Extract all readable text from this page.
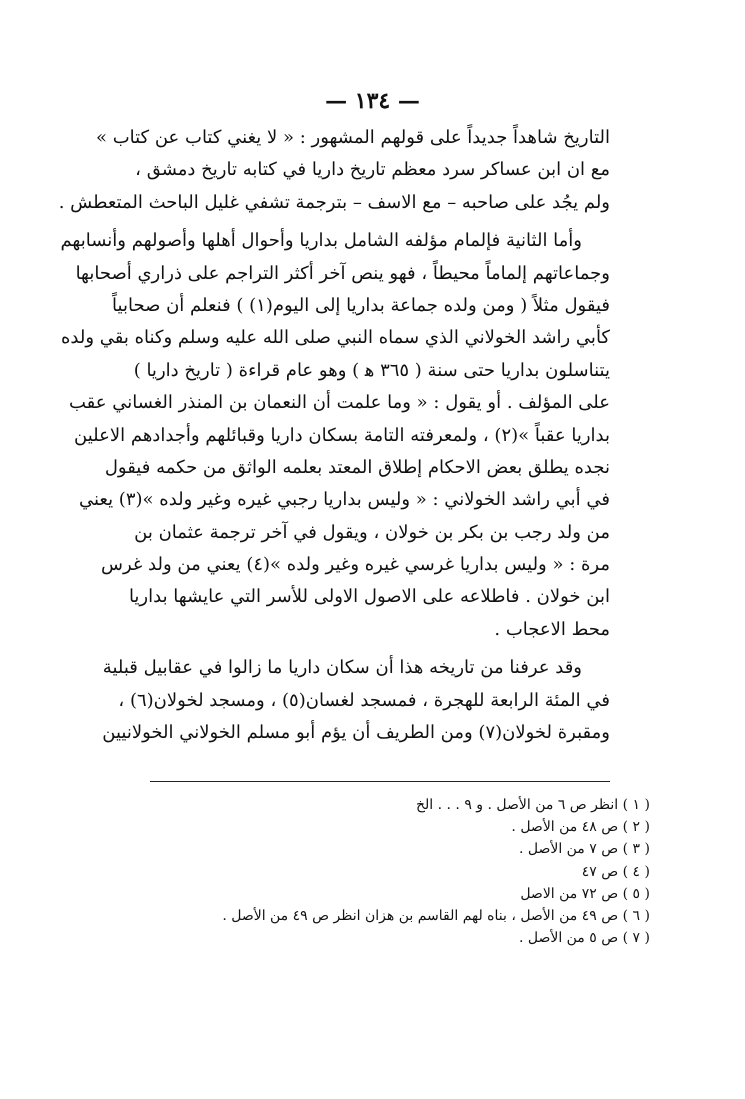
— ١٣٤ —
التاريخ شاهداً جديداً على قولهم المشهور : « لا يغني كتاب عن كتاب »
مع ان ابن عساكر سرد معظم تاريخ داريا في كتابه تاريخ دمشق ،
ولم يجُد على صاحبه – مع الاسف – بترجمة تشفي غليل الباحث المتعطش .
وأما الثانية فإلمام مؤلفه الشامل بداريا وأحوال أهلها وأصولهم وأنسابهم
وجماعاتهم إلماماً محيطاً ، فهو ينص آخر أكثر التراجم على ذراري أصحابها
فيقول مثلاً ( ومن ولده جماعة بداريا إلى اليوم(١) ) فنعلم أن صحابياً
كأبي راشد الخولاني الذي سماه النبي صلى الله عليه وسلم وكناه بقي ولده
يتناسلون بداريا حتى سنة ( ٣٦٥ ﻫ ) وهو عام قراءة ( تاريخ داريا )
على المؤلف . أو يقول : « وما علمت أن النعمان بن المنذر الغساني عقب
بداريا عقباً »(٢) ، ولمعرفته التامة بسكان داريا وقبائلهم وأجدادهم الاعلين
نجده يطلق بعض الاحكام إطلاق المعتد بعلمه الواثق من حكمه فيقول
في أبي راشد الخولاني : « وليس بداريا رجبي غيره وغير ولده »(٣) يعني
من ولد رجب بن بكر بن خولان ، ويقول في آخر ترجمة عثمان بن
مرة : « وليس بداريا غرسي غيره وغير ولده »(٤) يعني من ولد غرس
ابن خولان . فاطلاعه على الاصول الاولى للأسر التي عايشها بداريا
محط الاعجاب .
وقد عرفنا من تاريخه هذا أن سكان داريا ما زالوا في عقابيل قبلية
في المئة الرابعة للهجرة ، فمسجد لغسان(٥) ، ومسجد لخولان(٦) ،
ومقبرة لخولان(٧) ومن الطريف أن يؤم أبو مسلم الخولاني الخولانيين
( ١ ) انظر ص ٦ من الأصل . و ٩ . . . الخ
( ٢ ) ص ٤٨ من الأصل .
( ٣ ) ص ٧ من الأصل .
( ٤ ) ص ٤٧
( ٥ ) ص ٧٢ من الاصل
( ٦ ) ص ٤٩ من الأصل ، بناه لهم القاسم بن هزان انظر ص ٤٩ من الأصل .
( ٧ ) ص ٥ من الأصل .
